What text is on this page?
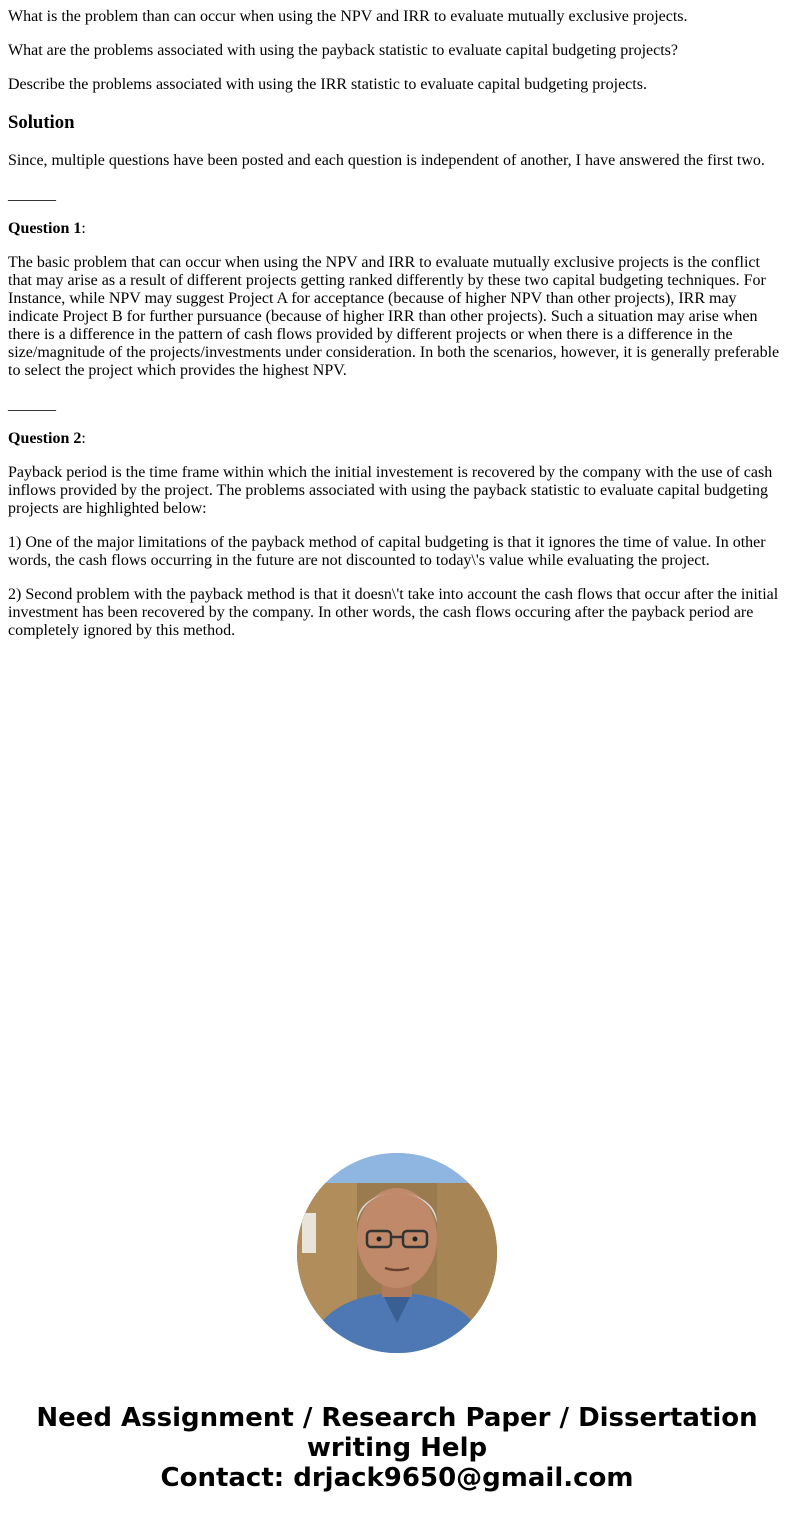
What is the problem than can occur when using the NPV and IRR to evaluate mutually exclusive projects.

What are the problems associated with using the payback statistic to evaluate capital budgeting projects?

Describe the problems associated with using the IRR statistic to evaluate capital budgeting projects.

Solution

Since, multiple questions have been posted and each question is independent of another, I have answered the first two.

______

Question 1:

The basic problem that can occur when using the NPV and IRR to evaluate mutually exclusive projects is the conflict that may arise as a result of different projects getting ranked differently by these two capital budgeting techniques. For Instance, while NPV may suggest Project A for acceptance (because of higher NPV than other projects), IRR may indicate Project B for further pursuance (because of higher IRR than other projects). Such a situation may arise when there is a difference in the pattern of cash flows provided by different projects or when there is a difference in the size/magnitude of the projects/investments under consideration. In both the scenarios, however, it is generally preferable to select the project which provides the highest NPV.

______

Question 2:

Payback period is the time frame within which the initial investement is recovered by the company with the use of cash inflows provided by the project. The problems associated with using the payback statistic to evaluate capital budgeting projects are highlighted below:

1) One of the major limitations of the payback method of capital budgeting is that it ignores the time of value. In other words, the cash flows occurring in the future are not discounted to today\'s value while evaluating the project.

2) Second problem with the payback method is that it doesn\'t take into account the cash flows that occur after the initial investment has been recovered by the company. In other words, the cash flows occuring after the payback period are completely ignored by this method.

Need Assignment / Research Paper / Dissertation
writing Help
Contact: drjack9650@gmail.com
